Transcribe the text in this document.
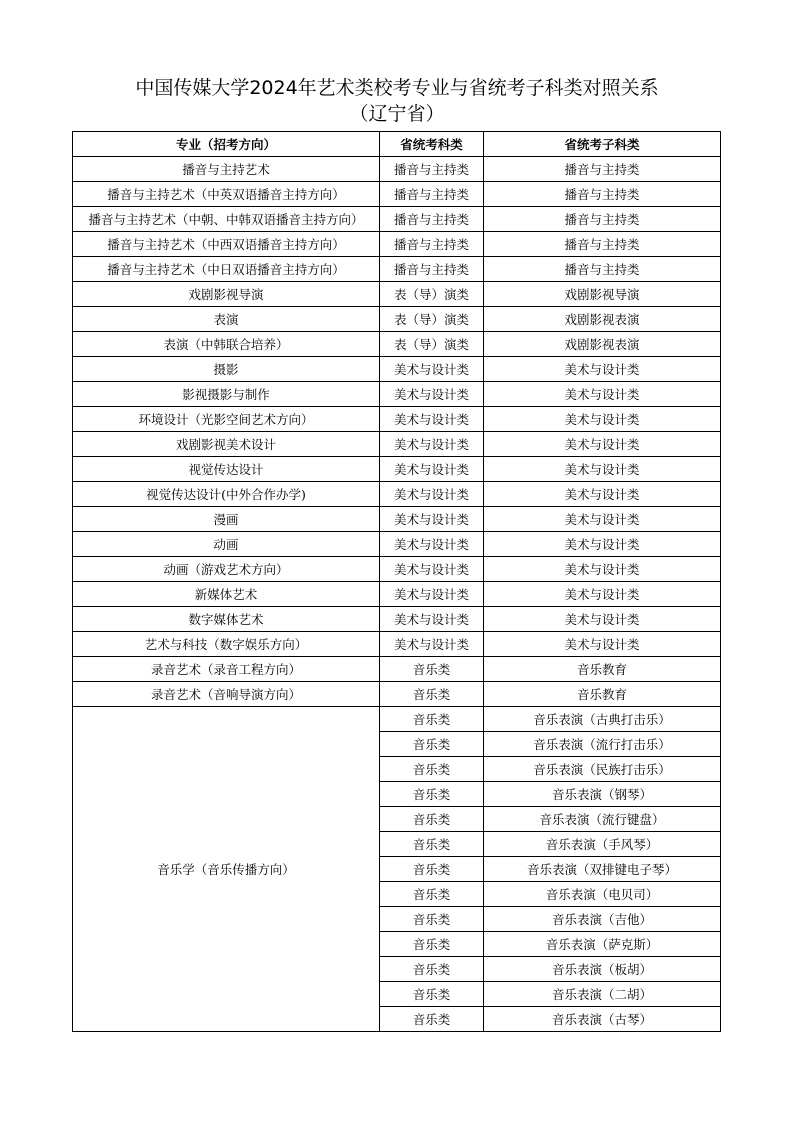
中国传媒大学2024年艺术类校考专业与省统考子科类对照关系
（辽宁省）
专业（招考方向）	省统考科类	省统考子科类
播音与主持艺术	播音与主持类	播音与主持类
播音与主持艺术（中英双语播音主持方向）	播音与主持类	播音与主持类
播音与主持艺术（中朝、中韩双语播音主持方向）	播音与主持类	播音与主持类
播音与主持艺术（中西双语播音主持方向）	播音与主持类	播音与主持类
播音与主持艺术（中日双语播音主持方向）	播音与主持类	播音与主持类
戏剧影视导演	表（导）演类	戏剧影视导演
表演	表（导）演类	戏剧影视表演
表演（中韩联合培养）	表（导）演类	戏剧影视表演
摄影	美术与设计类	美术与设计类
影视摄影与制作	美术与设计类	美术与设计类
环境设计（光影空间艺术方向）	美术与设计类	美术与设计类
戏剧影视美术设计	美术与设计类	美术与设计类
视觉传达设计	美术与设计类	美术与设计类
视觉传达设计(中外合作办学)	美术与设计类	美术与设计类
漫画	美术与设计类	美术与设计类
动画	美术与设计类	美术与设计类
动画（游戏艺术方向）	美术与设计类	美术与设计类
新媒体艺术	美术与设计类	美术与设计类
数字媒体艺术	美术与设计类	美术与设计类
艺术与科技（数字娱乐方向）	美术与设计类	美术与设计类
录音艺术（录音工程方向）	音乐类	音乐教育
录音艺术（音响导演方向）	音乐类	音乐教育
音乐学（音乐传播方向）	音乐类	音乐表演（古典打击乐）
	音乐类	音乐表演（流行打击乐）
	音乐类	音乐表演（民族打击乐）
	音乐类	音乐表演（钢琴）
	音乐类	音乐表演（流行键盘）
	音乐类	音乐表演（手风琴）
	音乐类	音乐表演（双排键电子琴）
	音乐类	音乐表演（电贝司）
	音乐类	音乐表演（吉他）
	音乐类	音乐表演（萨克斯）
	音乐类	音乐表演（板胡）
	音乐类	音乐表演（二胡）
	音乐类	音乐表演（古琴）
